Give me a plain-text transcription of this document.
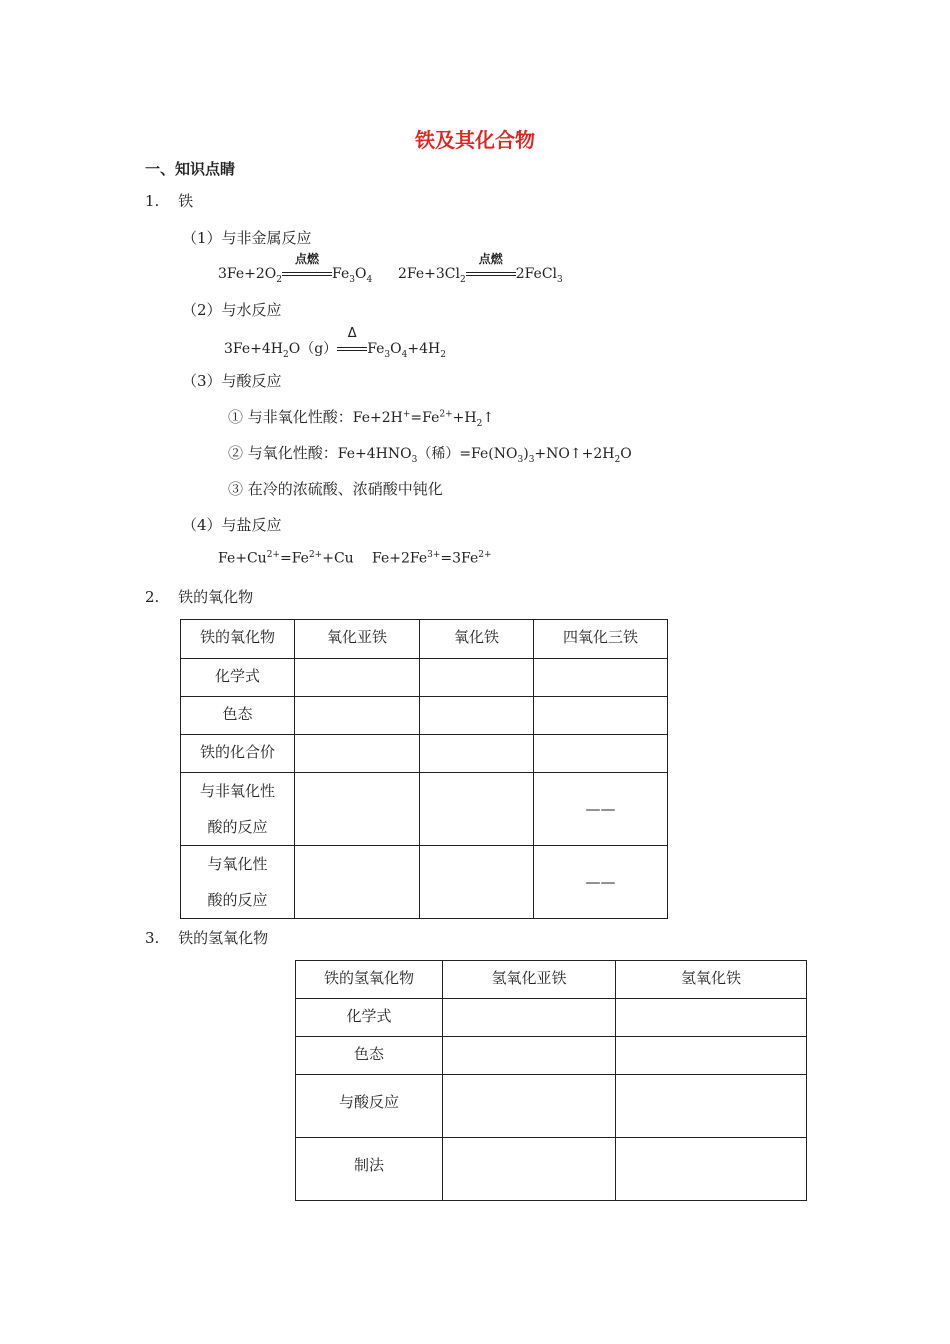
铁及其化合物
一、知识点睛
1. 铁
（1）与非金属反应
$3Fe+2O_2$
点燃
$Fe_3O_4$ $2Fe+3Cl_2$
点燃
2FeCl$_3$
（2）与水反应
$3Fe+4H_2O(g)$
Δ
$Fe_3O_4+4H_2$
（3）与酸反应
① 与非氧化性酸：$Fe+2H^+=Fe^{2+}+H_2↑$
② 与氧化性酸：$Fe+4HNO_3$（稀）$=Fe(NO_3)_3+NO↑+2H_2O$
③ 在冷的浓硫酸、浓硝酸中钝化
（4）与盐反应
$Fe+Cu^{2+}=Fe^{2+}+Cu$ $Fe+2Fe^{3+}=3Fe^{2+}$
2. 铁的氧化物
铁的氧化物	氧化亚铁	氧化铁	四氧化三铁
化学式			
色态			
铁的化合价			
与非氧化性
酸的反应			——
与氧化性
酸的反应			——
3. 铁的氢氧化物
铁的氢氧化物	氢氧化亚铁	氢氧化铁
化学式		
色态		
与酸反应		
制法		
